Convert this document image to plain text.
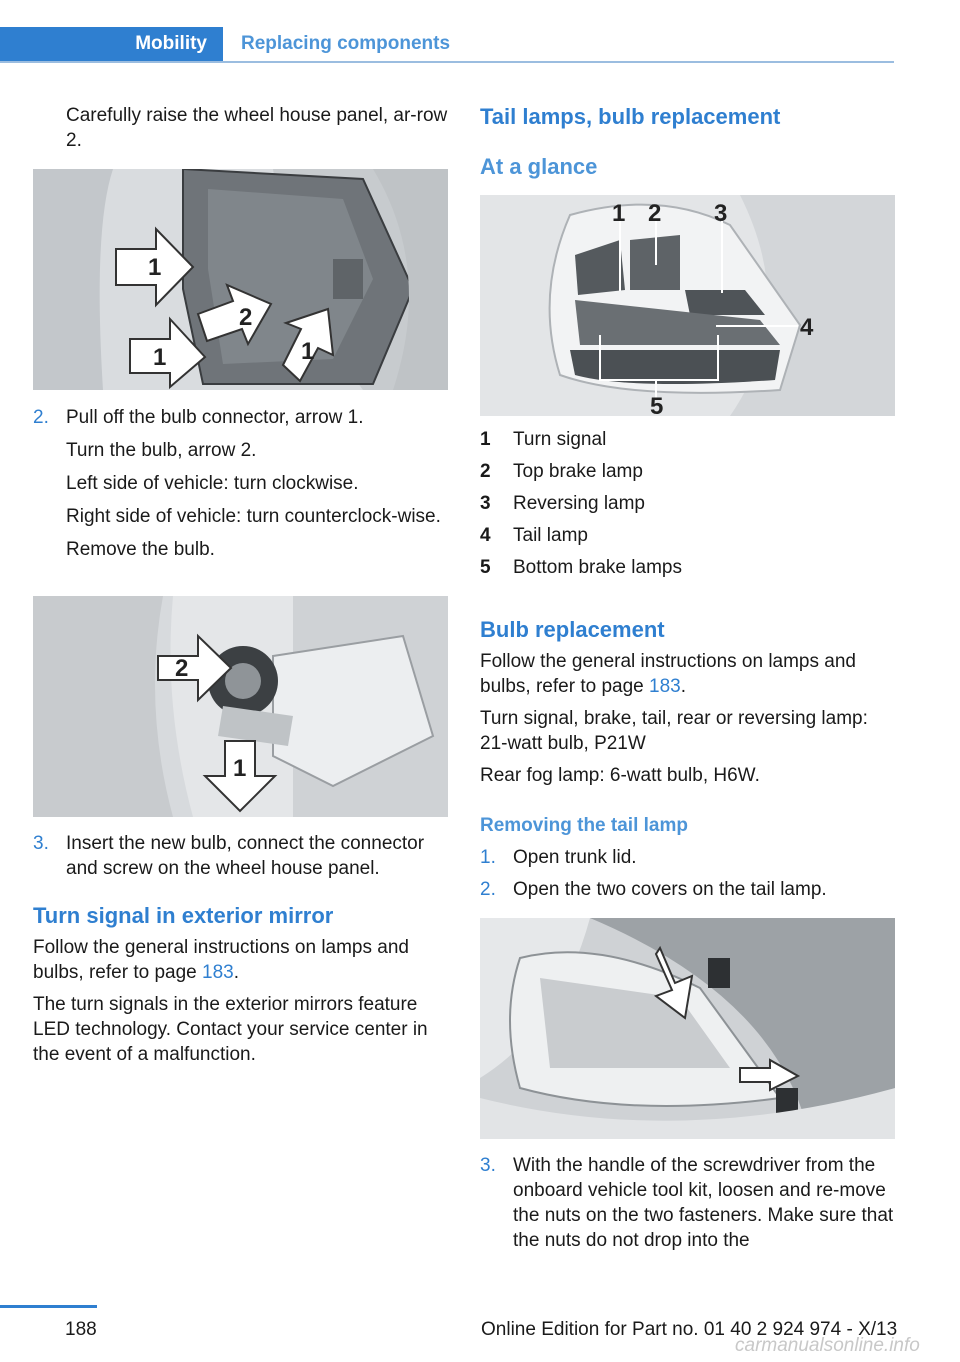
Mobility	Replacing components

Carefully raise the wheel house panel, ar-row 2.

1
2
1	1
2. Pull off the bulb connector, arrow 1.

Turn the bulb, arrow 2.

Left side of vehicle: turn clockwise.

Right side of vehicle: turn counterclock-wise.

Remove the bulb.

2
1
3. Insert the new bulb, connect the connector and screw on the wheel house panel.

Turn signal in exterior mirror

Follow the general instructions on lamps and bulbs, refer to page 183.

The turn signals in the exterior mirrors feature LED technology. Contact your service center in the event of a malfunction.

Tail lamps, bulb replacement
At a glance
1 2 3
4
5
1 Turn signal
2 Top brake lamp
3 Reversing lamp
4 Tail lamp
5 Bottom brake lamps
Bulb replacement

Follow the general instructions on lamps and bulbs, refer to page 183.

Turn signal, brake, tail, rear or reversing lamp: 21-watt bulb, P21W

Rear fog lamp: 6-watt bulb, H6W.

Removing the tail lamp
1. Open trunk lid.

2. Open the two covers on the tail lamp.

3. With the handle of the screwdriver from the onboard vehicle tool kit, loosen and re-move the nuts on the two fasteners. Make sure that the nuts do not drop into the

188	Online Edition for Part no. 01 40 2 924 974 - X/13
carmanualsonline.info
